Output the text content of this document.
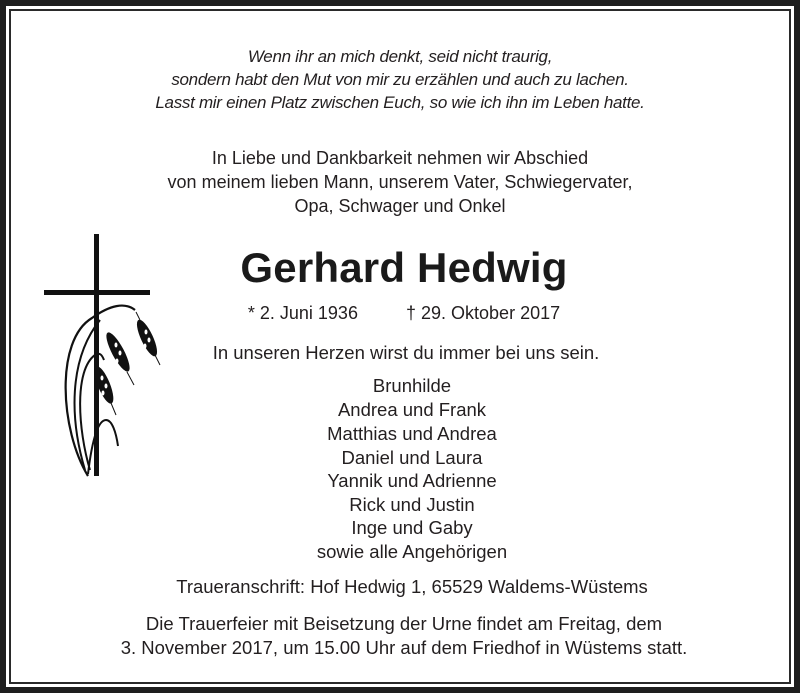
Wenn ihr an mich denkt, seid nicht traurig,
sondern habt den Mut von mir zu erzählen und auch zu lachen.
Lasst mir einen Platz zwischen Euch, so wie ich ihn im Leben hatte.
In Liebe und Dankbarkeit nehmen wir Abschied
von meinem lieben Mann, unserem Vater, Schwiegervater,
Opa, Schwager und Onkel
Gerhard Hedwig
* 2. Juni 1936	† 29. Oktober 2017
In unseren Herzen wirst du immer bei uns sein.
Brunhilde
Andrea und Frank
Matthias und Andrea
Daniel und Laura
Yannik und Adrienne
Rick und Justin
Inge und Gaby
sowie alle Angehörigen
Traueranschrift: Hof Hedwig 1, 65529 Waldems-Wüstems
Die Trauerfeier mit Beisetzung der Urne findet am Freitag, dem
3. November 2017, um 15.00 Uhr auf dem Friedhof in Wüstems statt.
